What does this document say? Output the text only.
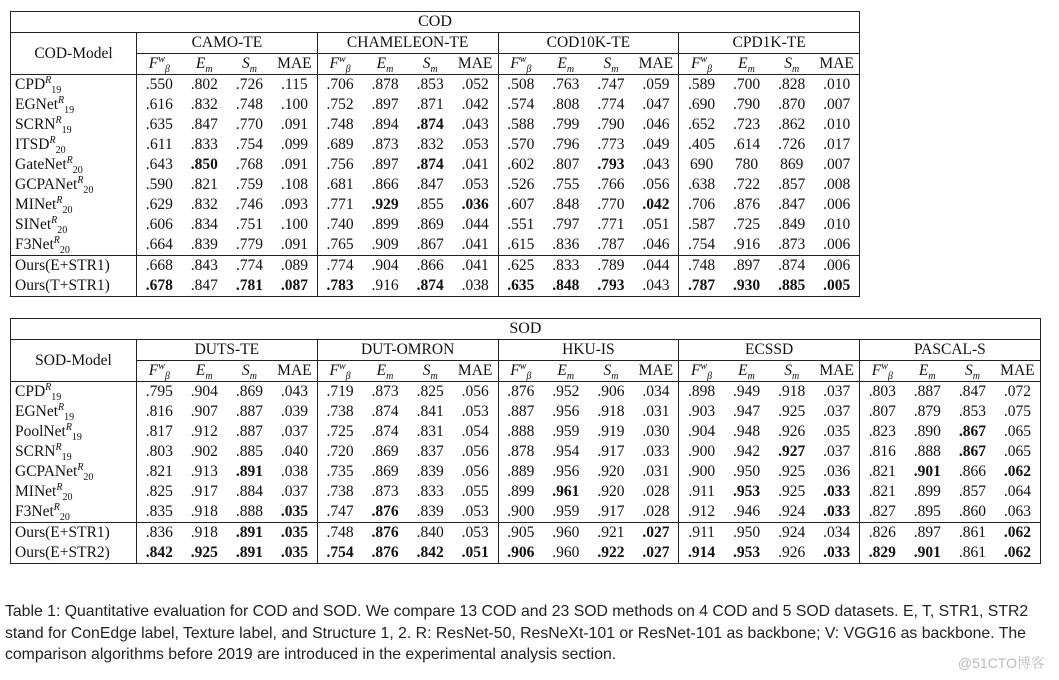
COD																
COD-Model	CAMO-TE				CHAMELEON-TE				COD10K-TE				CPD1K-TE			
	$F^w_\beta$	$E_m$	$S_m$	MAE	$F^w_\beta$	$E_m$	$S_m$	MAE	$F^w_\beta$	$E_m$	$S_m$	MAE	$F^w_\beta$	$E_m$	$S_m$	MAE
$CPD^R_{19}$	.550	.802	.726	.115	.706	.878	.853	.052	.508	.763	.747	.059	.589	.700	.828	.010
EGNet$^R_{19}$	.616	.832	.748	.100	.752	.897	.871	.042	.574	.808	.774	.047	.690	.790	.870	.007
$SCRN^R_{19}$	.635	.847	.770	.091	.748	.894	.874	.043	.588	.799	.790	.046	.652	.723	.862	.010
$ITSD^R_{20}$	.611	.833	.754	.099	.689	.873	.832	.053	.570	.796	.773	.049	.405	.614	.726	.017
GateNet$^R_{20}$	.643	.850	.768	.091	.756	.897	.874	.041	.602	.807	.793	.043	690	780	869	.007
GCPANet$^R_{20}$	.590	.821	.759	.108	.681	.866	.847	.053	.526	.755	.766	.056	.638	.722	.857	.008
MINet$^R_{20}$	.629	.832	.746	.093	.771	.929	.855	.036	.607	.848	.770	.042	.706	.876	.847	.006
SINet$^R_{20}$	.606	.834	.751	.100	.740	.899	.869	.044	.551	.797	.771	.051	.587	.725	.849	.010
F3Net$^R_{20}$	.664	.839	.779	.091	.765	.909	.867	.041	.615	.836	.787	.046	.754	.916	.873	.006
Ours(E+STR1)	.668	.843	.774	.089	.774	.904	.866	.041	.625	.833	.789	.044	.748	.897	.874	.006
Ours(T+STR1)	.678	.847	.781	.087	.783	.916	.874	.038	.635	.848	.793	.043	.787	.930	.885	.005
SOD																				
SOD-Model	DUTS-TE				DUT-OMRON				HKU-IS				ECSSD				PASCAL-S			
	$F^w_\beta$	$E_m$	$S_m$	MAE	$F^w_\beta$	$E_m$	$S_m$	MAE	$F^w_\beta$	$E_m$	$S_m$	MAE	$F^w_\beta$	$E_m$	$S_m$	MAE	$F^w_\beta$	$E_m$	$S_m$	MAE
$CPD^R_{19}$	.795	.904	.869	.043	.719	.873	.825	.056	.876	.952	.906	.034	.898	.949	.918	.037	.803	.887	.847	.072
EGNet$^R_{19}$	.816	.907	.887	.039	.738	.874	.841	.053	.887	.956	.918	.031	.903	.947	.925	.037	.807	.879	.853	.075
PoolNet$^R_{19}$	.817	.912	.887	.037	.725	.874	.831	.054	.888	.959	.919	.030	.904	.948	.926	.035	.823	.890	.867	.065
$SCRN^R_{19}$	.803	.902	.885	.040	.720	.869	.837	.056	.878	.954	.917	.033	.900	.942	.927	.037	.816	.888	.867	.065
GCPANet$^R_{20}$	.821	.913	.891	.038	.735	.869	.839	.056	.889	.956	.920	.031	.900	.950	.925	.036	.821	.901	.866	.062
MINet$^R_{20}$	.825	.917	.884	.037	.738	.873	.833	.055	.899	.961	.920	.028	.911	.953	.925	.033	.821	.899	.857	.064
F3Net$^R_{20}$	.835	.918	.888	.035	.747	.876	.839	.053	.900	.959	.917	.028	.912	.946	.924	.033	.827	.895	.860	.063
Ours(E+STR1)	.836	.918	.891	.035	.748	.876	.840	.053	.905	.960	.921	.027	.911	.950	.924	.034	.826	.897	.861	.062
Ours(E+STR2)	.842	.925	.891	.035	.754	.876	.842	.051	.906	.960	.922	.027	.914	.953	.926	.033	.829	.901	.861	.062
Table 1: Quantitative evaluation for COD and SOD. We compare 13 COD and 23 SOD methods on 4 COD and 5 SOD datasets. E, T, STR1, STR2 stand for ConEdge label, Texture label, and Structure 1, 2. R: ResNet-50, ResNeXt-101 or ResNet-101 as backbone; V: VGG16 as backbone. The comparison algorithms before 2019 are introduced in the experimental analysis section.	@51CTO博客
